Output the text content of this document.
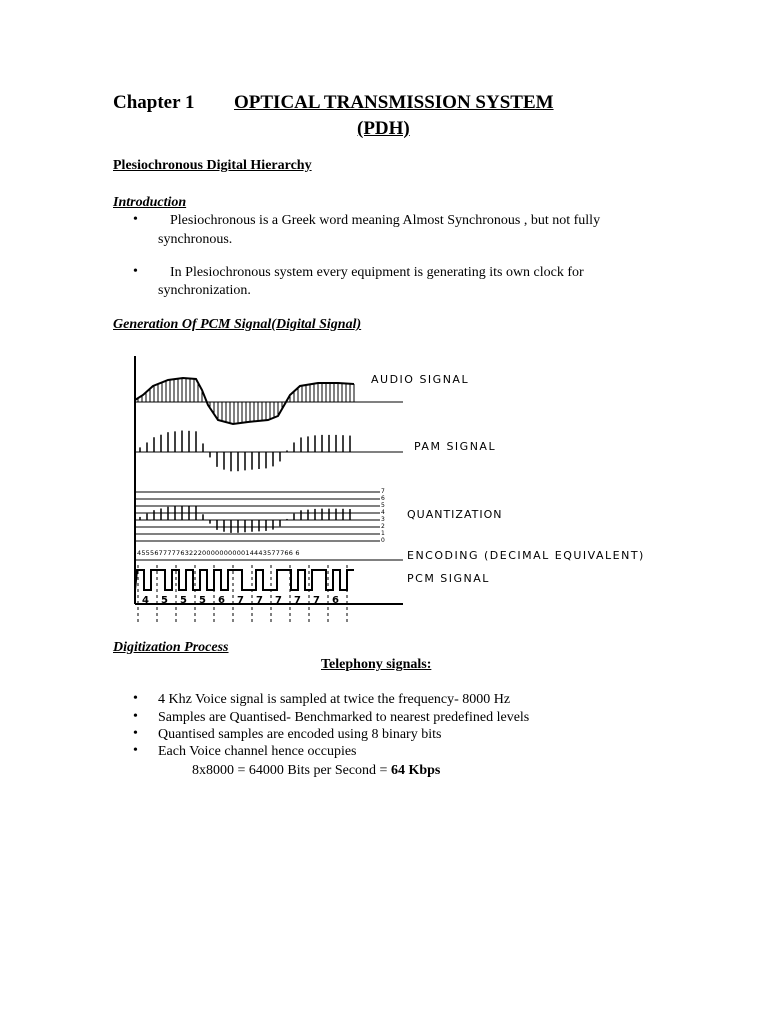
Chapter 1 OPTICAL TRANSMISSION SYSTEM
(PDH)
Plesiochronous Digital Hierarchy
Introduction
• Plesiochronous is a Greek word meaning Almost Synchronous , but not fully
synchronous.
• In Plesiochronous system every equipment is generating its own clock for
synchronization.
Generation Of PCM Signal(Digital Signal)
AUDIO SIGNAL
PAM SIGNAL
QUANTIZATION
ENCODING (DECIMAL EQUIVALENT)
PCM SIGNAL
455567777763222000000000014443577766 6
7
6
5
4
3
2
1
0
4 5 5 5 6 7 7 7 7 7 6
Digitization Process
Telephony signals:
• 4 Khz Voice signal is sampled at twice the frequency- 8000 Hz
• Samples are Quantised- Benchmarked to nearest predefined levels
• Quantised samples are encoded using 8 binary bits
• Each Voice channel hence occupies
8x8000 = 64000 Bits per Second = 64 Kbps
